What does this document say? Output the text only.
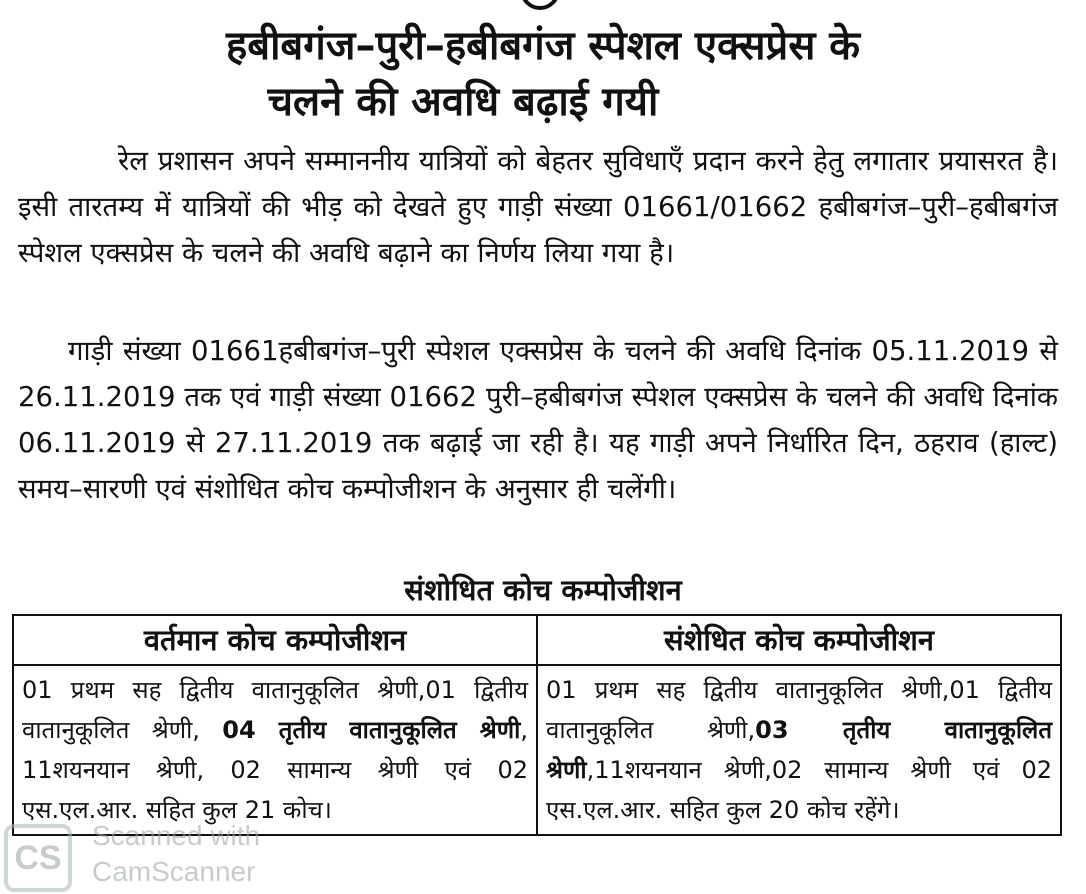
हबीबगंज–पुरी–हबीबगंज स्पेशल एक्सप्रेस के
चलने की अवधि बढ़ाई गयी
रेल प्रशासन अपने सम्माननीय यात्रियों को बेहतर सुविधाएँ प्रदान करने हेतु लगातार प्रयासरत है। इसी तारतम्य में यात्रियों की भीड़ को देखते हुए गाड़ी संख्या 01661/01662 हबीबगंज–पुरी–हबीबगंज स्पेशल एक्सप्रेस के चलने की अवधि बढ़ाने का निर्णय लिया गया है।
गाड़ी संख्या 01661हबीबगंज–पुरी स्पेशल एक्सप्रेस के चलने की अवधि दिनांक 05.11.2019 से 26.11.2019 तक एवं गाड़ी संख्या 01662 पुरी–हबीबगंज स्पेशल एक्सप्रेस के चलने की अवधि दिनांक 06.11.2019 से 27.11.2019 तक बढ़ाई जा रही है। यह गाड़ी अपने निर्धारित दिन, ठहराव (हाल्ट) समय–सारणी एवं संशोधित कोच कम्पोजीशन के अनुसार ही चलेंगी।
संशोधित कोच कम्पोजीशन
वर्तमान कोच कम्पोजीशन	संशेधित कोच कम्पोजीशन
01 प्रथम सह द्वितीय वातानुकूलित श्रेणी,01 द्वितीय वातानुकूलित श्रेणी, 04 तृतीय वातानुकूलित श्रेणी, 11शयनयान श्रेणी, 02 सामान्य श्रेणी एवं 02 एस.एल.आर. सहित कुल 21 कोच।	01 प्रथम सह द्वितीय वातानुकूलित श्रेणी,01 द्वितीय वातानुकूलित श्रेणी,03 तृतीय वातानुकूलित श्रेणी,11शयनयान श्रेणी,02 सामान्य श्रेणी एवं 02 एस.एल.आर. सहित कुल 20 कोच रहेंगे।
CS
Scanned with
CamScanner
